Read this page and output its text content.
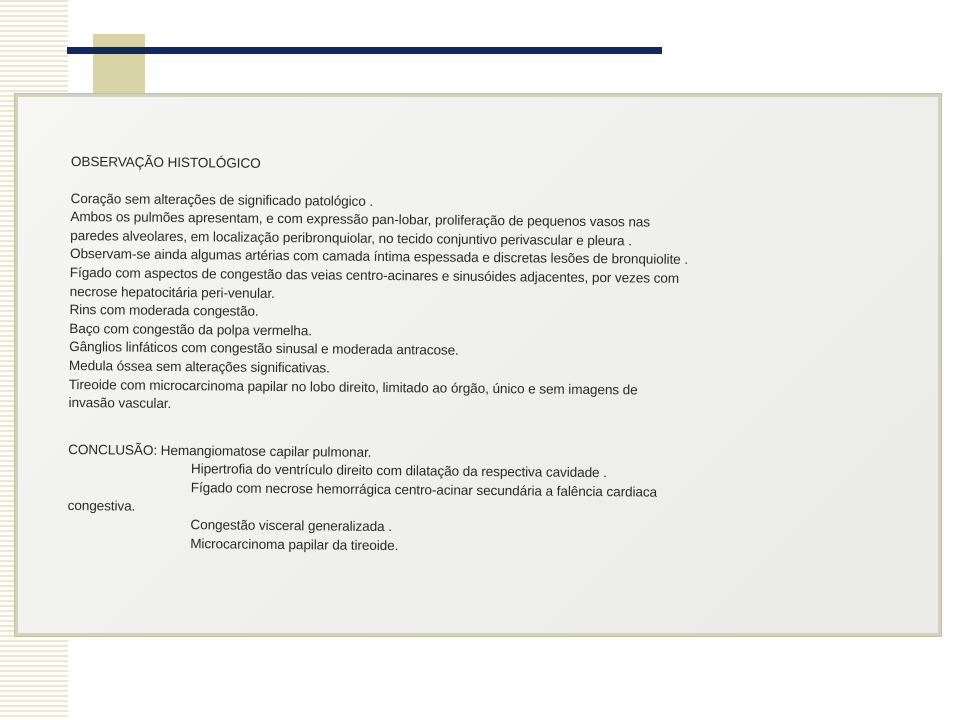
OBSERVAÇÃO HISTOLÓGICO
Coração sem alterações de significado patológico .
Ambos os pulmões apresentam, e com expressão pan-lobar, proliferação de pequenos vasos nas
paredes alveolares, em localização peribronquiolar, no tecido conjuntivo perivascular e pleura .
Observam-se ainda algumas artérias com camada íntima espessada e discretas lesões de bronquiolite .
Fígado com aspectos de congestão das veias centro-acinares e sinusóides adjacentes, por vezes com
necrose hepatocitária peri-venular.
Rins com moderada congestão.
Baço com congestão da polpa vermelha.
Gânglios linfáticos com congestão sinusal e moderada antracose.
Medula óssea sem alterações significativas.
Tireoide com microcarcinoma papilar no lobo direito, limitado ao órgão, único e sem imagens de
invasão vascular.
CONCLUSÃO: Hemangiomatose capilar pulmonar.
Hipertrofia do ventrículo direito com dilatação da respectiva cavidade .
Fígado com necrose hemorrágica centro-acinar secundária a falência cardiaca
congestiva.
Congestão visceral generalizada .
Microcarcinoma papilar da tireoide.
